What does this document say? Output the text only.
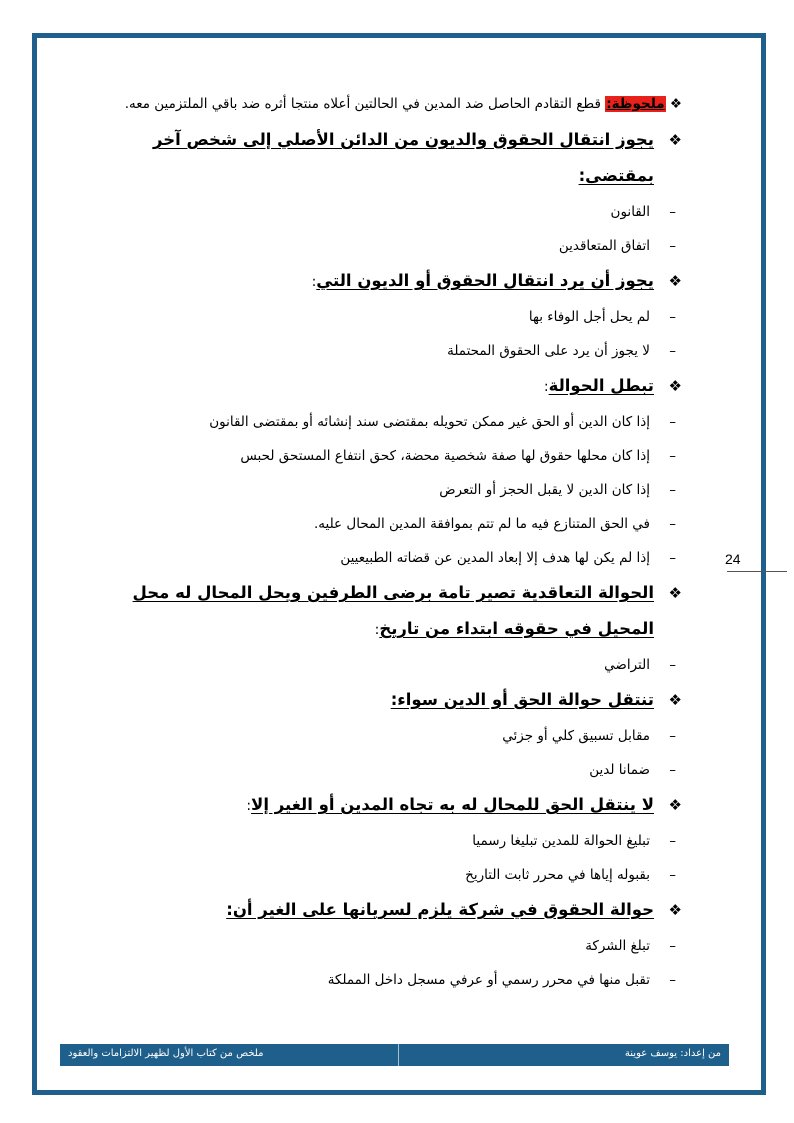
❖ ملحوظة: قطع التقادم الحاصل ضد المدين في الحالتين أعلاه منتجا أثره ضد باقي الملتزمين معه.
❖
يجوز انتقال الحقوق والديون من الدائن الأصلي إلى شخص آخر بمقتضى:
–
القانون
–
اتفاق المتعاقدين
❖
يجوز أن يرد انتقال الحقوق أو الديون التي:
–
لم يحل أجل الوفاء بها
–
لا يجوز أن يرد على الحقوق المحتملة
❖
تبطل الحوالة:
–
إذا كان الدين أو الحق غير ممكن تحويله بمقتضى سند إنشائه أو بمقتضى القانون
–
إذا كان محلها حقوق لها صفة شخصية محضة، كحق انتفاع المستحق لحبس
–
إذا كان الدين لا يقبل الحجز أو التعرض
–
في الحق المتنازع فيه ما لم تتم بموافقة المدين المحال عليه.
–
إذا لم يكن لها هدف إلا إبعاد المدين عن قضاته الطبيعيين
❖
الحوالة التعاقدية تصير تامة برضى الطرفين ويحل المحال له محل المحيل في حقوقه ابتداء من تاريخ:
–
التراضي
❖
تنتقل حوالة الحق أو الدين سواء:
–
مقابل تسبيق كلي أو جزئي
–
ضمانا لدين
❖
لا ينتقل الحق للمحال له به تجاه المدين أو الغير إلا:
–
تبليغ الحوالة للمدين تبليغا رسميا
–
بقبوله إياها في محرر ثابت التاريخ
❖
حوالة الحقوق في شركة يلزم لسريانها على الغير أن:
–
تبلغ الشركة
–
تقبل منها في محرر رسمي أو عرفي مسجل داخل المملكة
24
من إعداد: يوسف عوينة
ملخص من كتاب الأول لظهير الالتزامات والعقود
